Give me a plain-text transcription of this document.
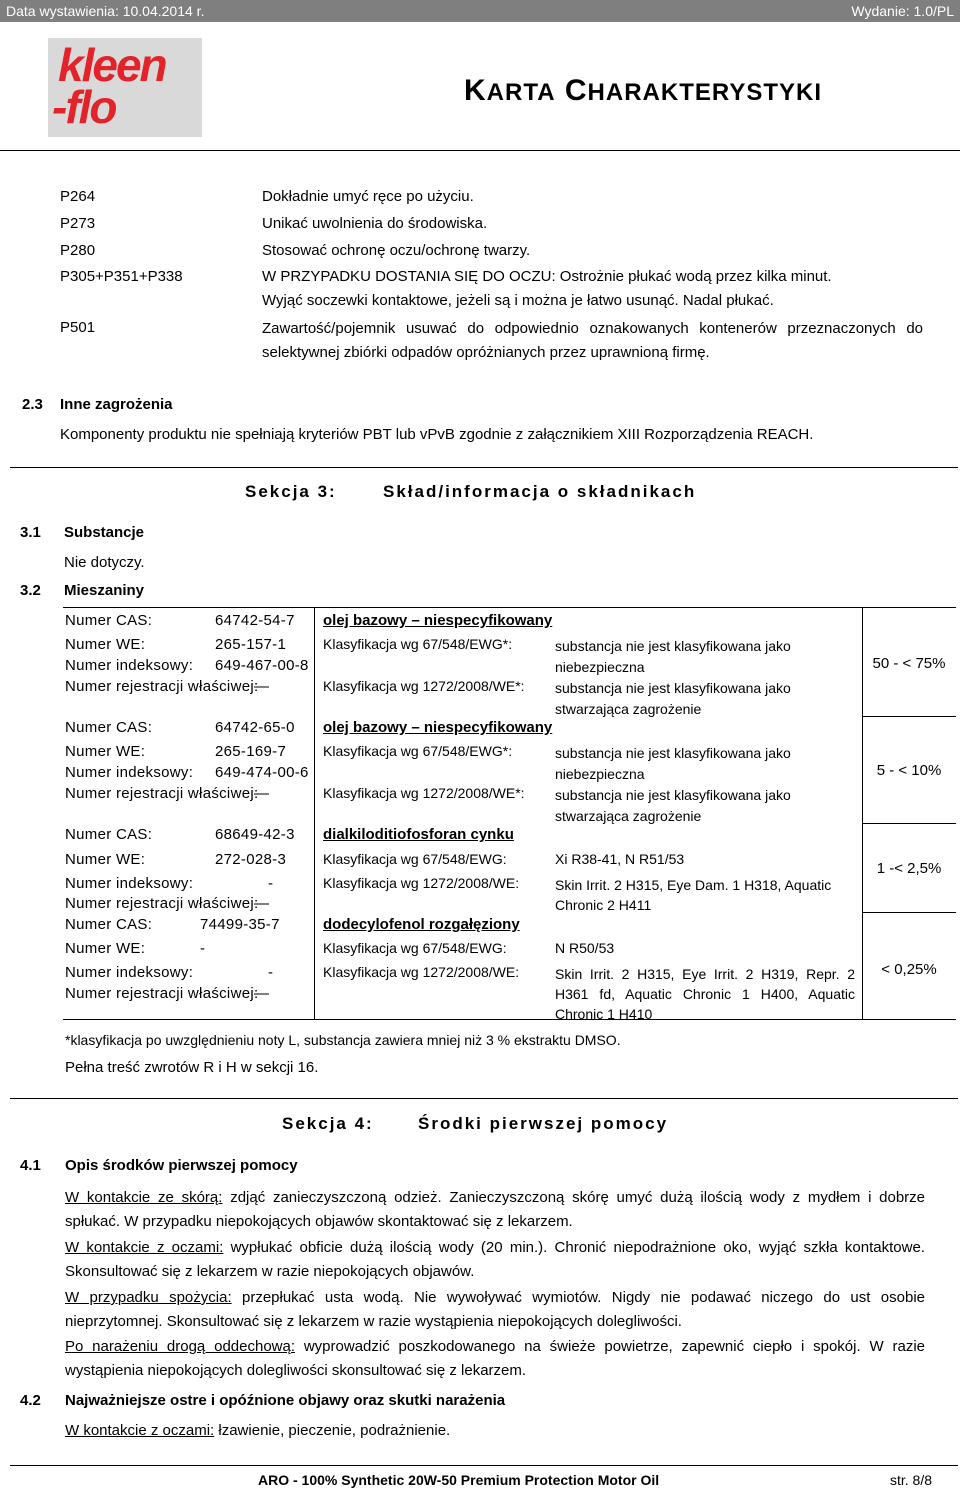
Data wystawienia: 10.04.2014 r.	Wydanie: 1.0/PL
kleen
-flo	KARTA CHARAKTERYSTYKI
P264	Dokładnie umyć ręce po użyciu.
P273	Unikać uwolnienia do środowiska.
P280	Stosować ochronę oczu/ochronę twarzy.
P305+P351+P338	W PRZYPADKU DOSTANIA SIĘ DO OCZU: Ostrożnie płukać wodą przez kilka minut.
Wyjąć soczewki kontaktowe, jeżeli są i można je łatwo usunąć. Nadal płukać.
P501	Zawartość/pojemnik usuwać do odpowiednio oznakowanych kontenerów przeznaczonych do selektywnej zbiórki odpadów opróżnianych przez uprawnioną firmę.
2.3 Inne zagrożenia
Komponenty produktu nie spełniają kryteriów PBT lub vPvB zgodnie z załącznikiem XIII Rozporządzenia REACH.
Sekcja 3:	Skład/informacja o składnikach
3.1 Substancje
Nie dotyczy.
3.2 Mieszaniny
Numer CAS:	64742-54-7
Numer WE:	265-157-1
Numer indeksowy: 649-467-00-8
Numer rejestracji właściwej:
—
olej bazowy – niespecyfikowany
Klasyfikacja wg 67/548/EWG*:	substancja nie jest klasyfikowana jako niebezpieczna
Klasyfikacja wg 1272/2008/WE*: substancja nie jest klasyfikowana jako stwarzająca zagrożenie
50 - < 75%
Numer CAS:	64742-65-0
Numer WE:	265-169-7
Numer indeksowy: 649-474-00-6
Numer rejestracji właściwej:
—
olej bazowy – niespecyfikowany
Klasyfikacja wg 67/548/EWG*:	substancja nie jest klasyfikowana jako niebezpieczna
Klasyfikacja wg 1272/2008/WE*: substancja nie jest klasyfikowana jako stwarzająca zagrożenie
5 - < 10%
Numer CAS:	68649-42-3
Numer WE:	272-028-3
Numer indeksowy:	-
Numer rejestracji właściwej:
—
dialkiloditiofosforan cynku
Klasyfikacja wg 67/548/EWG:	Xi R38-41, N R51/53
Klasyfikacja wg 1272/2008/WE:	Skin Irrit. 2 H315, Eye Dam. 1 H318, Aquatic Chronic 2 H411
1 -< 2,5%
Numer CAS:	74499-35-7
Numer WE:	-
Numer indeksowy:	-
Numer rejestracji właściwej:
—
dodecylofenol rozgałęziony
Klasyfikacja wg 67/548/EWG:	N R50/53
Klasyfikacja wg 1272/2008/WE:	Skin Irrit. 2 H315, Eye Irrit. 2 H319, Repr. 2 H361 fd, Aquatic Chronic 1 H400, Aquatic Chronic 1 H410
< 0,25%
*klasyfikacja po uwzględnieniu noty L, substancja zawiera mniej niż 3 % ekstraktu DMSO.
Pełna treść zwrotów R i H w sekcji 16.
Sekcja 4:	Środki pierwszej pomocy
4.1 Opis środków pierwszej pomocy
W kontakcie ze skórą: zdjąć zanieczyszczoną odzież. Zanieczyszczoną skórę umyć dużą ilością wody z mydłem i dobrze spłukać. W przypadku niepokojących objawów skontaktować się z lekarzem.
W kontakcie z oczami: wypłukać obficie dużą ilością wody (20 min.). Chronić niepodrażnione oko, wyjąć szkła kontaktowe. Skonsultować się z lekarzem w razie niepokojących objawów.
W przypadku spożycia: przepłukać usta wodą. Nie wywoływać wymiotów. Nigdy nie podawać niczego do ust osobie nieprzytomnej. Skonsultować się z lekarzem w razie wystąpienia niepokojących dolegliwości.
Po narażeniu drogą oddechową: wyprowadzić poszkodowanego na świeże powietrze, zapewnić ciepło i spokój. W razie wystąpienia niepokojących dolegliwości skonsultować się z lekarzem.
4.2 Najważniejsze ostre i opóźnione objawy oraz skutki narażenia
W kontakcie z oczami: łzawienie, pieczenie, podrażnienie.
ARO - 100% Synthetic 20W-50 Premium Protection Motor Oil	str. 8/8
